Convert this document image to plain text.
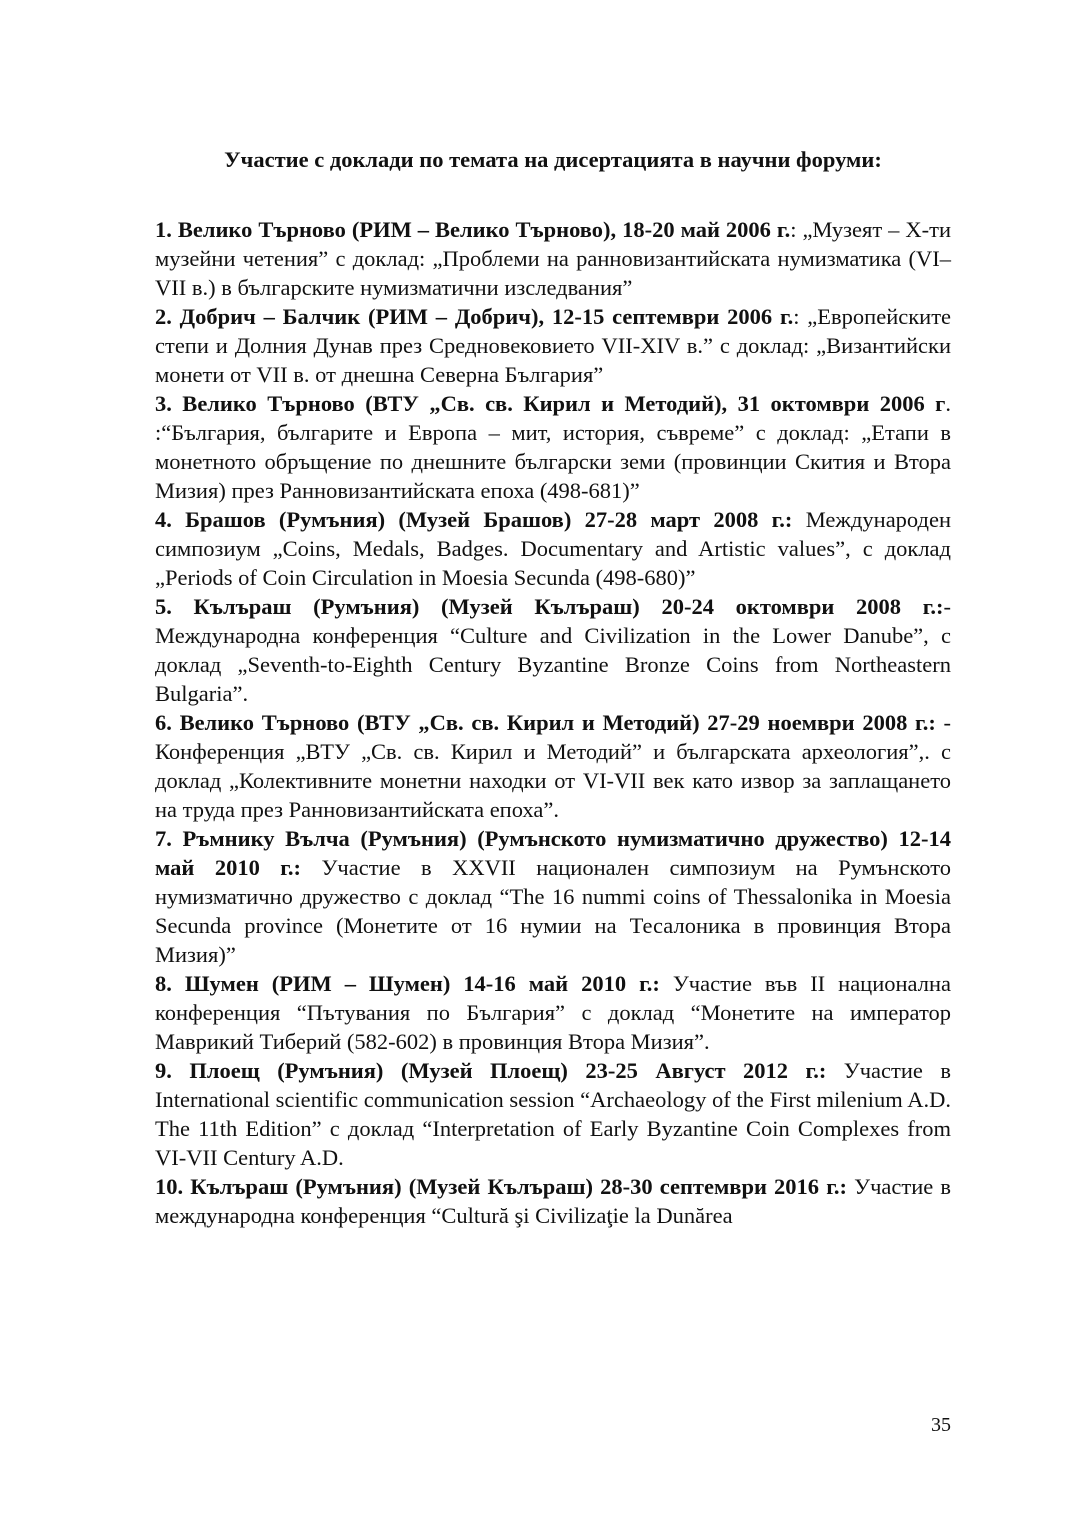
Участие с доклади по темата на дисертацията в научни форуми:

1. Велико Търново (РИМ – Велико Търново), 18-20 май 2006 г.: „Музеят – Х-ти музейни четения” с доклад: „Проблеми на ранновизантийската нумизматика (VI–VII в.) в българските нумизматични изследвания”

2. Добрич – Балчик (РИМ – Добрич), 12-15 септември 2006 г.: „Европейските степи и Долния Дунав през Средновековието VII-XIV в.” с доклад: „Византийски монети от VII в. от днешна Северна България”

3. Велико Търново (ВТУ „Св. св. Кирил и Методий), 31 октомври 2006 г. :“България, българите и Европа – мит, история, съвреме” с доклад: „Етапи в монетното обръщение по днешните български земи (провинции Скития и Втора Мизия) през Ранновизантийската епоха (498-681)”

4. Брашов (Румъния) (Музей Брашов) 27-28 март 2008 г.: Международен симпозиум „Coins, Medals, Badges. Documentary and Artistic values”, с доклад „Periods of Coin Circulation in Moesia Secunda (498-680)”

5. Кълъраш (Румъния) (Музей Кълъраш) 20-24 октомври 2008 г.:- Международна конференция “Culture and Civilization in the Lower Danube”, с доклад „Seventh-to-Eighth Century Byzantine Bronze Coins from Northeastern Bulgaria”.

6. Велико Търново (ВТУ „Св. св. Кирил и Методий) 27-29 ноември 2008 г.: - Конференция „ВТУ „Св. св. Кирил и Методий” и българската археология”,. с доклад „Колективните монетни находки от VI-VII век като извор за заплащането на труда през Ранновизантийската епоха”.

7. Ръмнику Вълча (Румъния) (Румънското нумизматично дружество) 12-14 май 2010 г.: Участие в XXVII национален симпозиум на Румънското нумизматично дружество с доклад “The 16 nummi coins of Thessalonika in Moesia Secunda province (Монетите от 16 нумии на Тесалоника в провинция Втора Мизия)”

8. Шумен (РИМ – Шумен) 14-16 май 2010 г.: Участие във II национална конференция “Пътувания по България” с доклад “Монетите на император Маврикий Тиберий (582-602) в провинция Втора Мизия”.

9. Плоещ (Румъния) (Музей Плоещ) 23-25 Август 2012 г.: Участие в International scientific communication session “Archaeology of the First milenium A.D. The 11th Edition” с доклад “Interpretation of Early Byzantine Coin Complexes from VI-VII Century A.D.

10. Кълъраш (Румъния) (Музей Кълъраш) 28-30 септември 2016 г.: Участие в международна конференция “Cultură şi Civilizaţie la Dunărea

35
